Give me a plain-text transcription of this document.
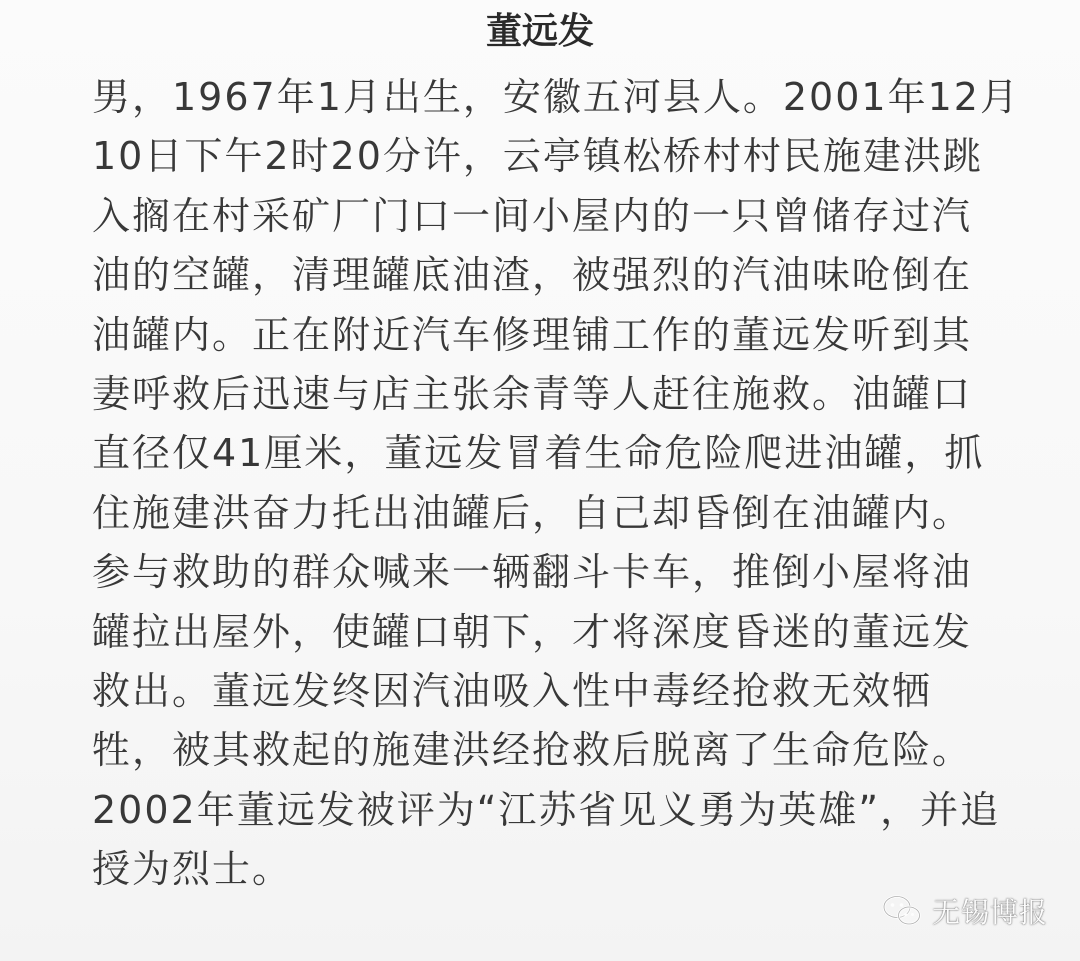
董远发
男，1967年1月出生，安徽五河县人。2001年12月
10日下午2时20分许，云亭镇松桥村村民施建洪跳
入搁在村采矿厂门口一间小屋内的一只曾储存过汽
油的空罐，清理罐底油渣，被强烈的汽油味呛倒在
油罐内。正在附近汽车修理铺工作的董远发听到其
妻呼救后迅速与店主张余青等人赶往施救。油罐口
直径仅41厘米，董远发冒着生命危险爬进油罐，抓
住施建洪奋力托出油罐后，自己却昏倒在油罐内。
参与救助的群众喊来一辆翻斗卡车，推倒小屋将油
罐拉出屋外，使罐口朝下，才将深度昏迷的董远发
救出。董远发终因汽油吸入性中毒经抢救无效牺
牲，被其救起的施建洪经抢救后脱离了生命危险。
2002年董远发被评为“江苏省见义勇为英雄”，并追
授为烈士。
无锡博报
